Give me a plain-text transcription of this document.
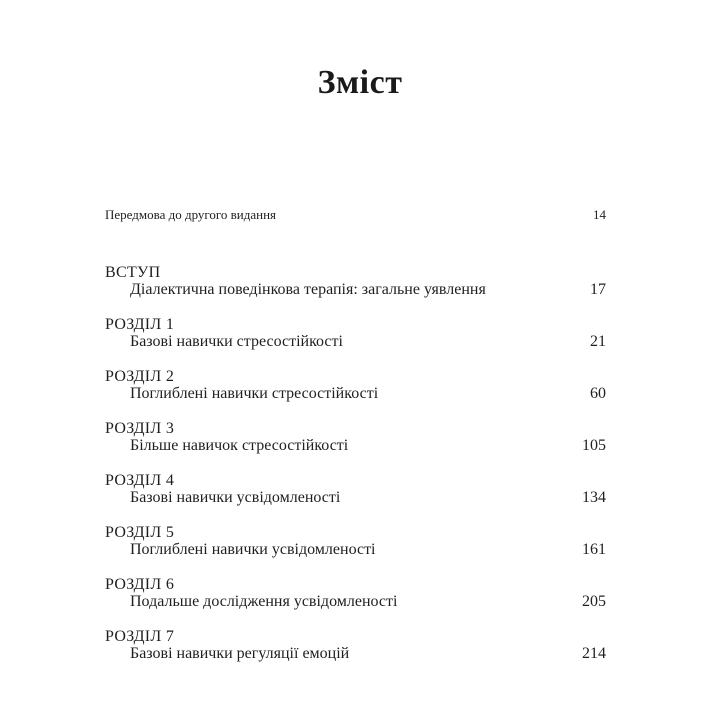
Зміст
Передмова до другого видання	14
ВСТУП
Діалектична поведінкова терапія: загальне уявлення	17
РОЗДІЛ 1
Базові навички стресостійкості	21
РОЗДІЛ 2
Поглиблені навички стресостійкості	60
РОЗДІЛ 3
Більше навичок стресостійкості	105
РОЗДІЛ 4
Базові навички усвідомленості	134
РОЗДІЛ 5
Поглиблені навички усвідомленості	161
РОЗДІЛ 6
Подальше дослідження усвідомленості	205
РОЗДІЛ 7
Базові навички регуляції емоцій	214
